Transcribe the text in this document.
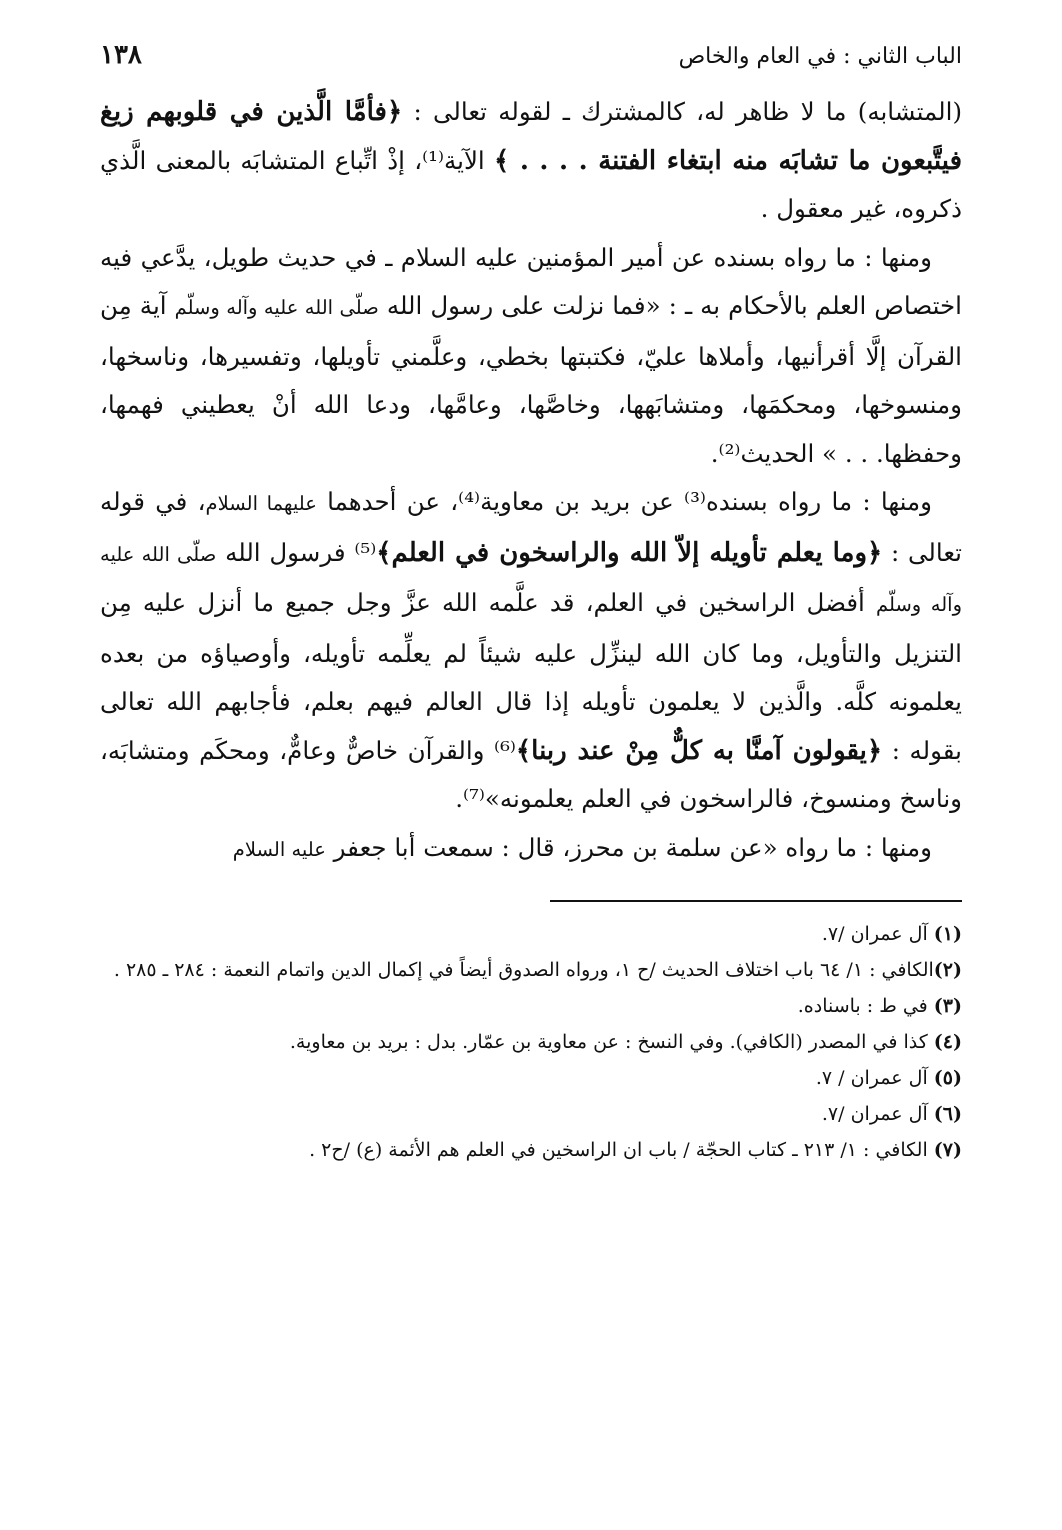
الباب الثاني : في العام والخاص
١٣٨

(المتشابه) ما لا ظاهر له، كالمشترك ـ لقوله تعالى : ﴿فأمَّا الَّذين في قلوبهم زيغ فيتَّبعون ما تشابَه منه ابتغاء الفتنة . . . . ﴾ الآية⁽¹⁾، إذْ اتِّباع المتشابَه بالمعنى الَّذي ذكروه، غير معقول .

ومنها : ما رواه بسنده عن أمير المؤمنين عليه السلام ـ في حديث طويل، يدَّعي فيه اختصاص العلم بالأحكام به ـ : «فما نزلت على رسول الله صلّى الله عليه وآله وسلّم آية مِن القرآن إلَّا أقرأنيها، وأملاها عليّ، فكتبتها بخطي، وعلَّمني تأويلها، وتفسيرها، وناسخها، ومنسوخها، ومحكمَها، ومتشابَهها، وخاصَّها، وعامَّها، ودعا الله أنْ يعطيني فهمها، وحفظها. . . » الحديث⁽²⁾.

ومنها : ما رواه بسنده⁽³⁾ عن بريد بن معاوية⁽⁴⁾، عن أحدهما عليهما السلام، في قوله تعالى : ﴿وما يعلم تأويله إلاّ الله والراسخون في العلم﴾⁽⁵⁾ فرسول الله صلّى الله عليه وآله وسلّم أفضل الراسخين في العلم، قد علَّمه الله عزَّ وجل جميع ما أنزل عليه مِن التنزيل والتأويل، وما كان الله لينزِّل عليه شيئاً لم يعلِّمه تأويله، وأوصياؤه من بعده يعلمونه كلَّه. والَّذين لا يعلمون تأويله إذا قال العالم فيهم بعلم، فأجابهم الله تعالى بقوله : ﴿يقولون آمنَّا به كلٌّ مِنْ عند ربنا﴾⁽⁶⁾ والقرآن خاصٌّ وعامٌّ، ومحكَم ومتشابَه، وناسخ ومنسوخ، فالراسخون في العلم يعلمونه»⁽⁷⁾.

ومنها : ما رواه «عن سلمة بن محرز، قال : سمعت أبا جعفر عليه السلام

(١) آل عمران /٧.

(٢)الكافي : ١/ ٦٤ باب اختلاف الحديث /ح ١، ورواه الصدوق أيضاً في إكمال الدين واتمام النعمة : ٢٨٤ ـ ٢٨٥ .

(٣) في ط : باسناده.

(٤) كذا في المصدر (الكافي). وفي النسخ : عن معاوية بن عمّار. بدل : بريد بن معاوية.

(٥) آل عمران / ٧.

(٦) آل عمران /٧.

(٧) الكافي : ١/ ٢١٣ ـ كتاب الحجّة / باب ان الراسخين في العلم هم الأئمة (ع) /ح٢ .
